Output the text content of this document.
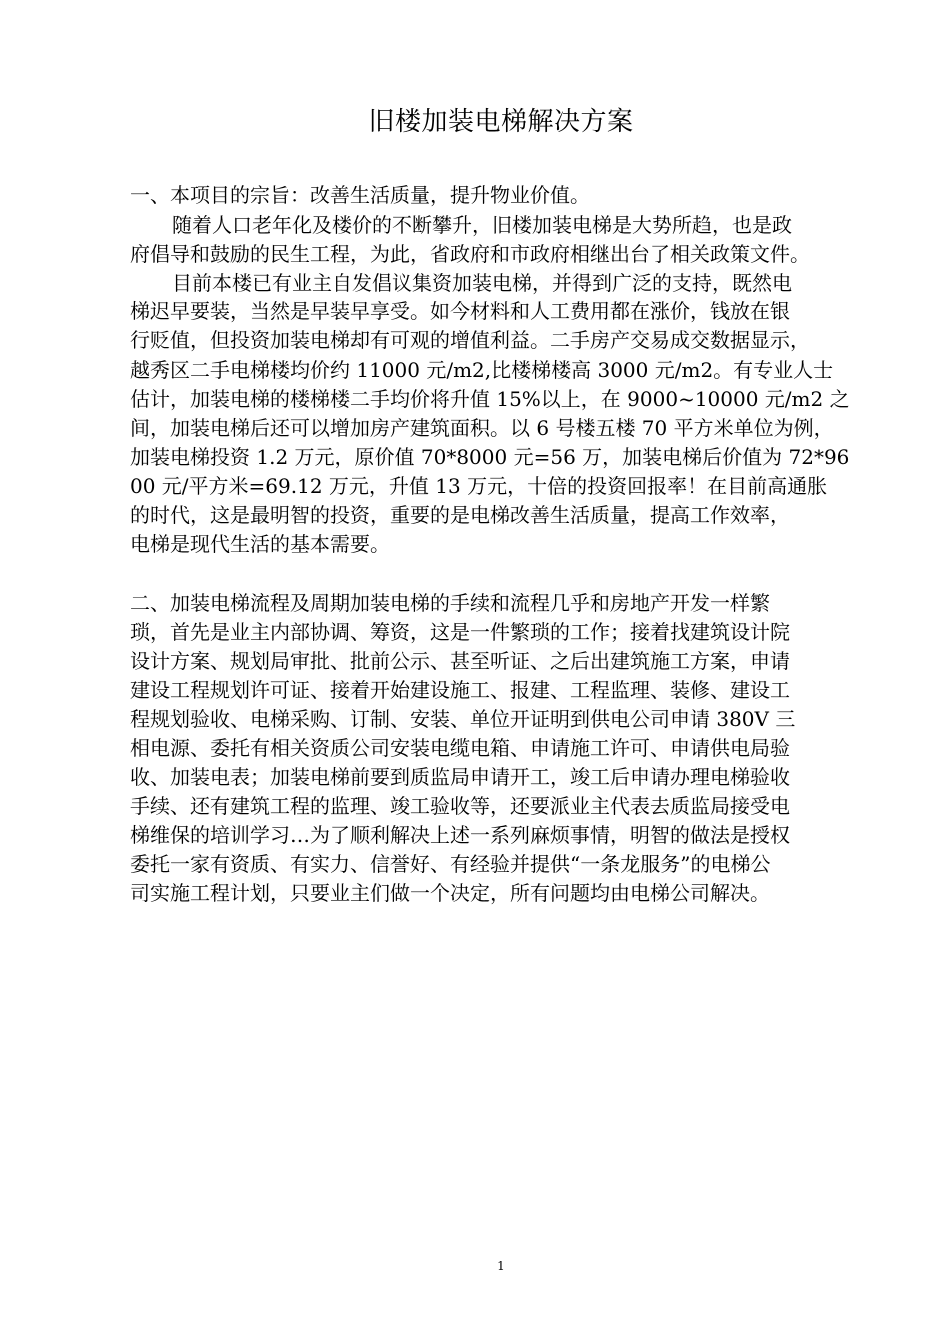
旧楼加装电梯解决方案
一、本项目的宗旨：改善生活质量，提升物业价值。
随着人口老年化及楼价的不断攀升，旧楼加装电梯是大势所趋，也是政
府倡导和鼓励的民生工程，为此，省政府和市政府相继出台了相关政策文件。
目前本楼已有业主自发倡议集资加装电梯，并得到广泛的支持，既然电
梯迟早要装，当然是早装早享受。如今材料和人工费用都在涨价，钱放在银
行贬值，但投资加装电梯却有可观的增值利益。二手房产交易成交数据显示，
越秀区二手电梯楼均价约 11000 元/m2,比楼梯楼高 3000 元/m2。有专业人士
估计，加装电梯的楼梯楼二手均价将升值 15%以上，在 9000~10000 元/m2 之
间，加装电梯后还可以增加房产建筑面积。以 6 号楼五楼 70 平方米单位为例，
加装电梯投资 1.2 万元，原价值 70*8000 元=56 万，加装电梯后价值为 72*96
00 元/平方米=69.12 万元，升值 13 万元，十倍的投资回报率！在目前高通胀
的时代，这是最明智的投资，重要的是电梯改善生活质量，提高工作效率，
电梯是现代生活的基本需要。
二、加装电梯流程及周期加装电梯的手续和流程几乎和房地产开发一样繁
琐，首先是业主内部协调、筹资，这是一件繁琐的工作；接着找建筑设计院
设计方案、规划局审批、批前公示、甚至听证、之后出建筑施工方案，申请
建设工程规划许可证、接着开始建设施工、报建、工程监理、装修、建设工
程规划验收、电梯采购、订制、安装、单位开证明到供电公司申请 380V 三
相电源、委托有相关资质公司安装电缆电箱、申请施工许可、申请供电局验
收、加装电表；加装电梯前要到质监局申请开工，竣工后申请办理电梯验收
手续、还有建筑工程的监理、竣工验收等，还要派业主代表去质监局接受电
梯维保的培训学习…为了顺利解决上述一系列麻烦事情，明智的做法是授权
委托一家有资质、有实力、信誉好、有经验并提供“一条龙服务”的电梯公
司实施工程计划，只要业主们做一个决定，所有问题均由电梯公司解决。
1
